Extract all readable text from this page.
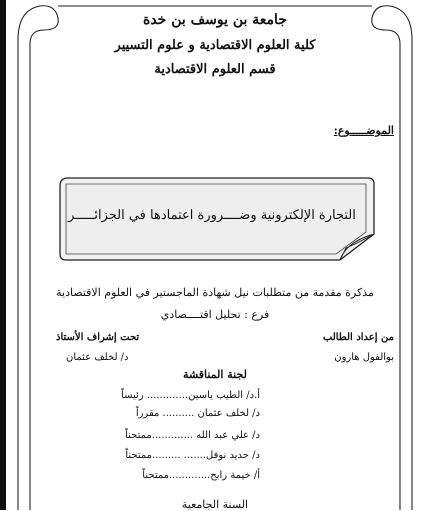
جامعة بن يوسف بن خدة
كلية العلوم الاقتصادية و علوم التسيير
قسم العلوم الاقتصادية
الموضـــــوع:
التجارة الإلكترونية وضــــرورة اعتمادها في الجزائـــــر
مذكرة مقدمة من متطلبات نيل شهادة الماجستير في العلوم الاقتصادية
فرع : تحليل اقتــــصادي
من إعداد الطالب
بوالفول هارون
تحت إشراف الأستاذ
د/ لخلف عثمان
لجنة المناقشة
أ.د/ الطيب ياسين............. رئيساً
د/ لخلف عثمان .......... مقرراً
د/ علي عبد الله .............ممتحناً
د/ حديد نوفل....... .........ممتحناً
أ/ خيمة رابح.............ممتحناً
السنة الجامعية
